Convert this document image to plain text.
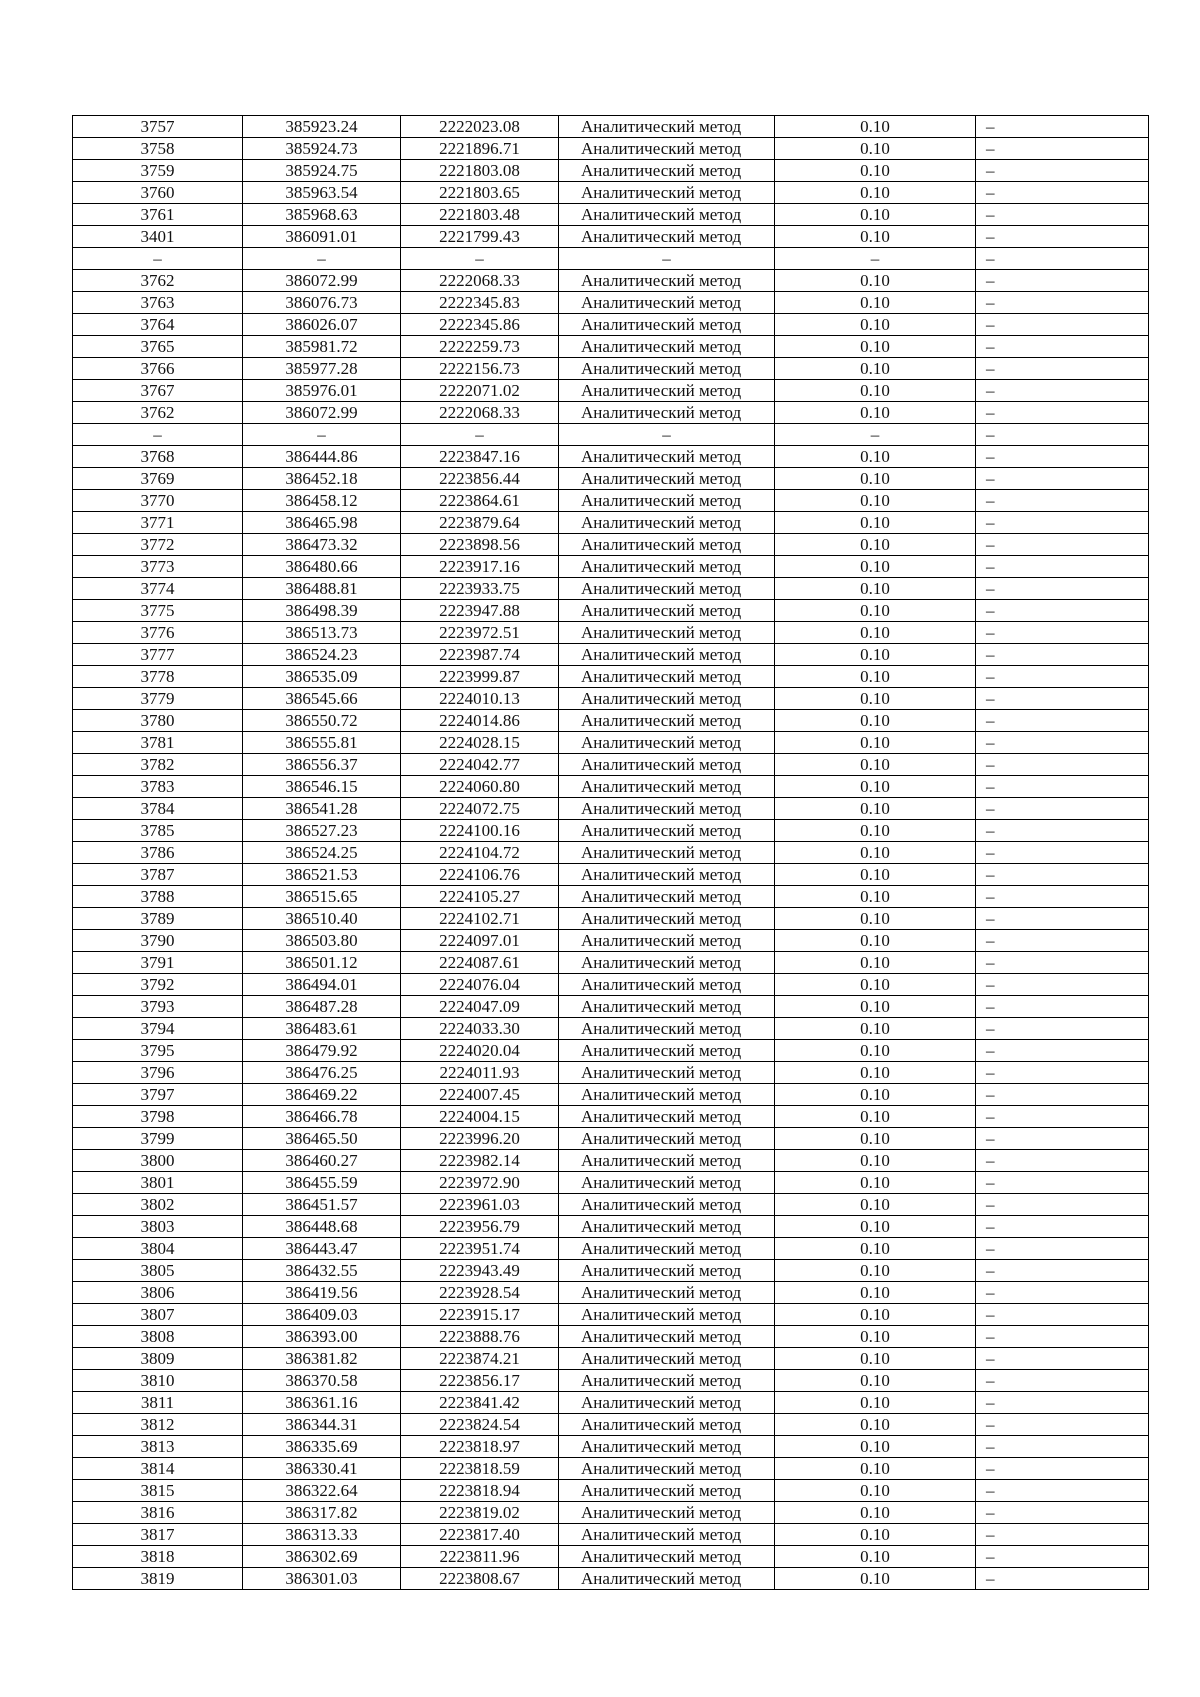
3757	385923.24	2222023.08	Аналитический метод	0.10	–
3758	385924.73	2221896.71	Аналитический метод	0.10	–
3759	385924.75	2221803.08	Аналитический метод	0.10	–
3760	385963.54	2221803.65	Аналитический метод	0.10	–
3761	385968.63	2221803.48	Аналитический метод	0.10	–
3401	386091.01	2221799.43	Аналитический метод	0.10	–
–	–	–	–	–	–
3762	386072.99	2222068.33	Аналитический метод	0.10	–
3763	386076.73	2222345.83	Аналитический метод	0.10	–
3764	386026.07	2222345.86	Аналитический метод	0.10	–
3765	385981.72	2222259.73	Аналитический метод	0.10	–
3766	385977.28	2222156.73	Аналитический метод	0.10	–
3767	385976.01	2222071.02	Аналитический метод	0.10	–
3762	386072.99	2222068.33	Аналитический метод	0.10	–
–	–	–	–	–	–
3768	386444.86	2223847.16	Аналитический метод	0.10	–
3769	386452.18	2223856.44	Аналитический метод	0.10	–
3770	386458.12	2223864.61	Аналитический метод	0.10	–
3771	386465.98	2223879.64	Аналитический метод	0.10	–
3772	386473.32	2223898.56	Аналитический метод	0.10	–
3773	386480.66	2223917.16	Аналитический метод	0.10	–
3774	386488.81	2223933.75	Аналитический метод	0.10	–
3775	386498.39	2223947.88	Аналитический метод	0.10	–
3776	386513.73	2223972.51	Аналитический метод	0.10	–
3777	386524.23	2223987.74	Аналитический метод	0.10	–
3778	386535.09	2223999.87	Аналитический метод	0.10	–
3779	386545.66	2224010.13	Аналитический метод	0.10	–
3780	386550.72	2224014.86	Аналитический метод	0.10	–
3781	386555.81	2224028.15	Аналитический метод	0.10	–
3782	386556.37	2224042.77	Аналитический метод	0.10	–
3783	386546.15	2224060.80	Аналитический метод	0.10	–
3784	386541.28	2224072.75	Аналитический метод	0.10	–
3785	386527.23	2224100.16	Аналитический метод	0.10	–
3786	386524.25	2224104.72	Аналитический метод	0.10	–
3787	386521.53	2224106.76	Аналитический метод	0.10	–
3788	386515.65	2224105.27	Аналитический метод	0.10	–
3789	386510.40	2224102.71	Аналитический метод	0.10	–
3790	386503.80	2224097.01	Аналитический метод	0.10	–
3791	386501.12	2224087.61	Аналитический метод	0.10	–
3792	386494.01	2224076.04	Аналитический метод	0.10	–
3793	386487.28	2224047.09	Аналитический метод	0.10	–
3794	386483.61	2224033.30	Аналитический метод	0.10	–
3795	386479.92	2224020.04	Аналитический метод	0.10	–
3796	386476.25	2224011.93	Аналитический метод	0.10	–
3797	386469.22	2224007.45	Аналитический метод	0.10	–
3798	386466.78	2224004.15	Аналитический метод	0.10	–
3799	386465.50	2223996.20	Аналитический метод	0.10	–
3800	386460.27	2223982.14	Аналитический метод	0.10	–
3801	386455.59	2223972.90	Аналитический метод	0.10	–
3802	386451.57	2223961.03	Аналитический метод	0.10	–
3803	386448.68	2223956.79	Аналитический метод	0.10	–
3804	386443.47	2223951.74	Аналитический метод	0.10	–
3805	386432.55	2223943.49	Аналитический метод	0.10	–
3806	386419.56	2223928.54	Аналитический метод	0.10	–
3807	386409.03	2223915.17	Аналитический метод	0.10	–
3808	386393.00	2223888.76	Аналитический метод	0.10	–
3809	386381.82	2223874.21	Аналитический метод	0.10	–
3810	386370.58	2223856.17	Аналитический метод	0.10	–
3811	386361.16	2223841.42	Аналитический метод	0.10	–
3812	386344.31	2223824.54	Аналитический метод	0.10	–
3813	386335.69	2223818.97	Аналитический метод	0.10	–
3814	386330.41	2223818.59	Аналитический метод	0.10	–
3815	386322.64	2223818.94	Аналитический метод	0.10	–
3816	386317.82	2223819.02	Аналитический метод	0.10	–
3817	386313.33	2223817.40	Аналитический метод	0.10	–
3818	386302.69	2223811.96	Аналитический метод	0.10	–
3819	386301.03	2223808.67	Аналитический метод	0.10	–
